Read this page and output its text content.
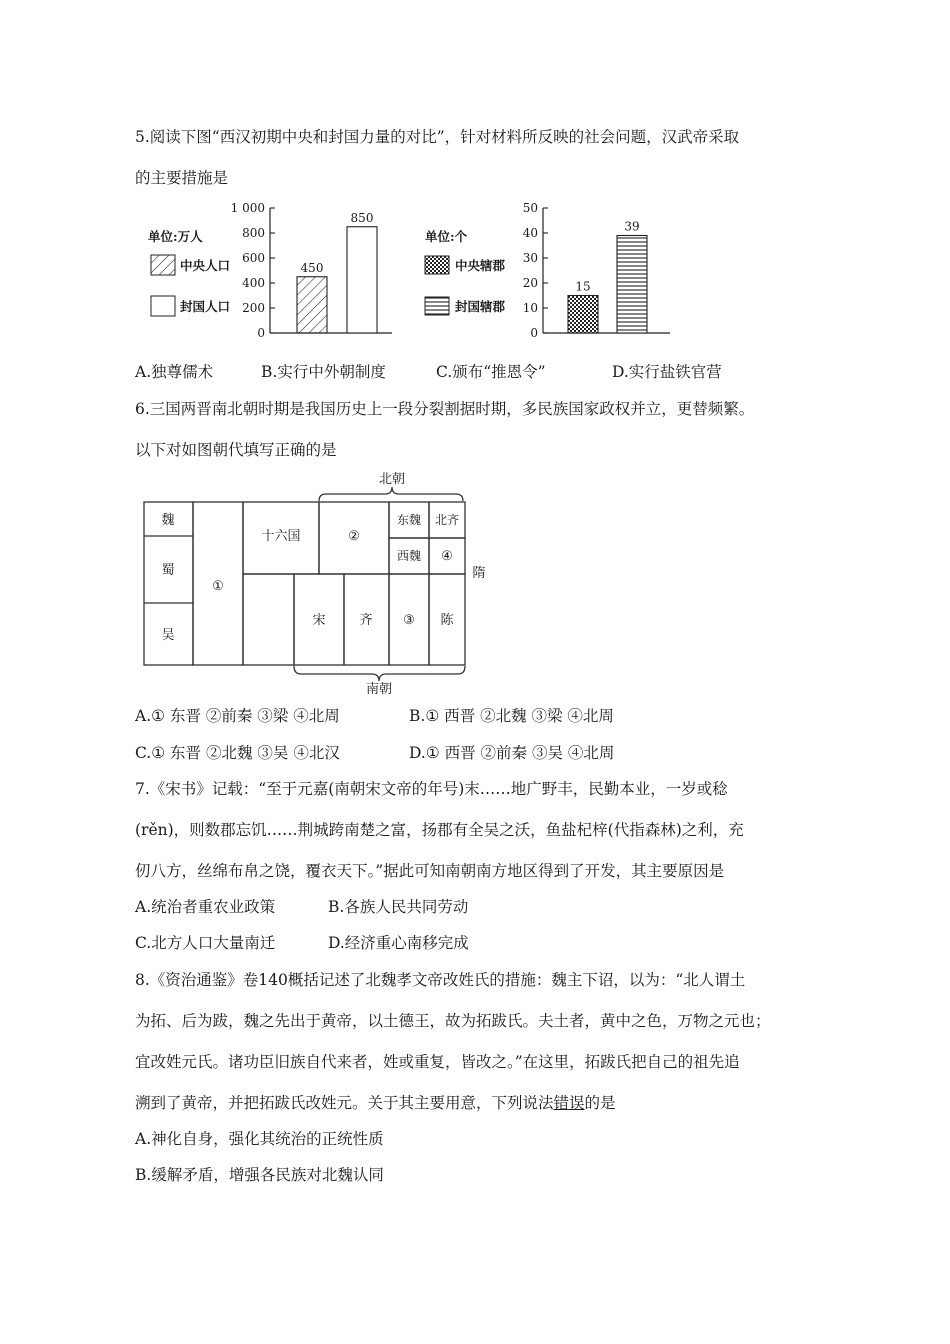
5.阅读下图“西汉初期中央和封国力量的对比”，针对材料所反映的社会问题，汉武帝采取
的主要措施是
单位:万人
中央人口
封国人口
0
200
400
600
800
1 000
450
850
单位:个
中央辖郡
封国辖郡
0
10
20
30
40
50
15
39
A.独尊儒术	B.实行中外朝制度	C.颁布“推恩令”	D.实行盐铁官营
6.三国两晋南北朝时期是我国历史上一段分裂割据时期，多民族国家政权并立，更替频繁。
以下对如图朝代填写正确的是
北朝
南朝
魏
蜀
吴
①
十六国	②
东魏 北齐
西魏 ④
宋	齐 ③ 陈
隋
A.① 东晋 ②前秦 ③梁 ④北周	B.① 西晋 ②北魏 ③梁 ④北周
C.① 东晋 ②北魏 ③吴 ④北汉	D.① 西晋 ②前秦 ③吴 ④北周
7.《宋书》记载：“至于元嘉(南朝宋文帝的年号)末……地广野丰，民勤本业，一岁或稔
(rěn)，则数郡忘饥……荆城跨南楚之富，扬郡有全吴之沃，鱼盐杞梓(代指森林)之利，充
仞八方，丝绵布帛之饶，覆衣天下。”据此可知南朝南方地区得到了开发，其主要原因是
A.统治者重农业政策	B.各族人民共同劳动
C.北方人口大量南迁	D.经济重心南移完成
8.《资治通鉴》卷140概括记述了北魏孝文帝改姓氏的措施：魏主下诏，以为：“北人谓土
为拓、后为跋，魏之先出于黄帝，以土德王，故为拓跋氏。夫土者，黄中之色，万物之元也；
宜改姓元氏。诸功臣旧族自代来者，姓或重复，皆改之。”在这里，拓跋氏把自己的祖先追
溯到了黄帝，并把拓跋氏改姓元。关于其主要用意，下列说法错误的是
A.神化自身，强化其统治的正统性质
B.缓解矛盾，增强各民族对北魏认同
